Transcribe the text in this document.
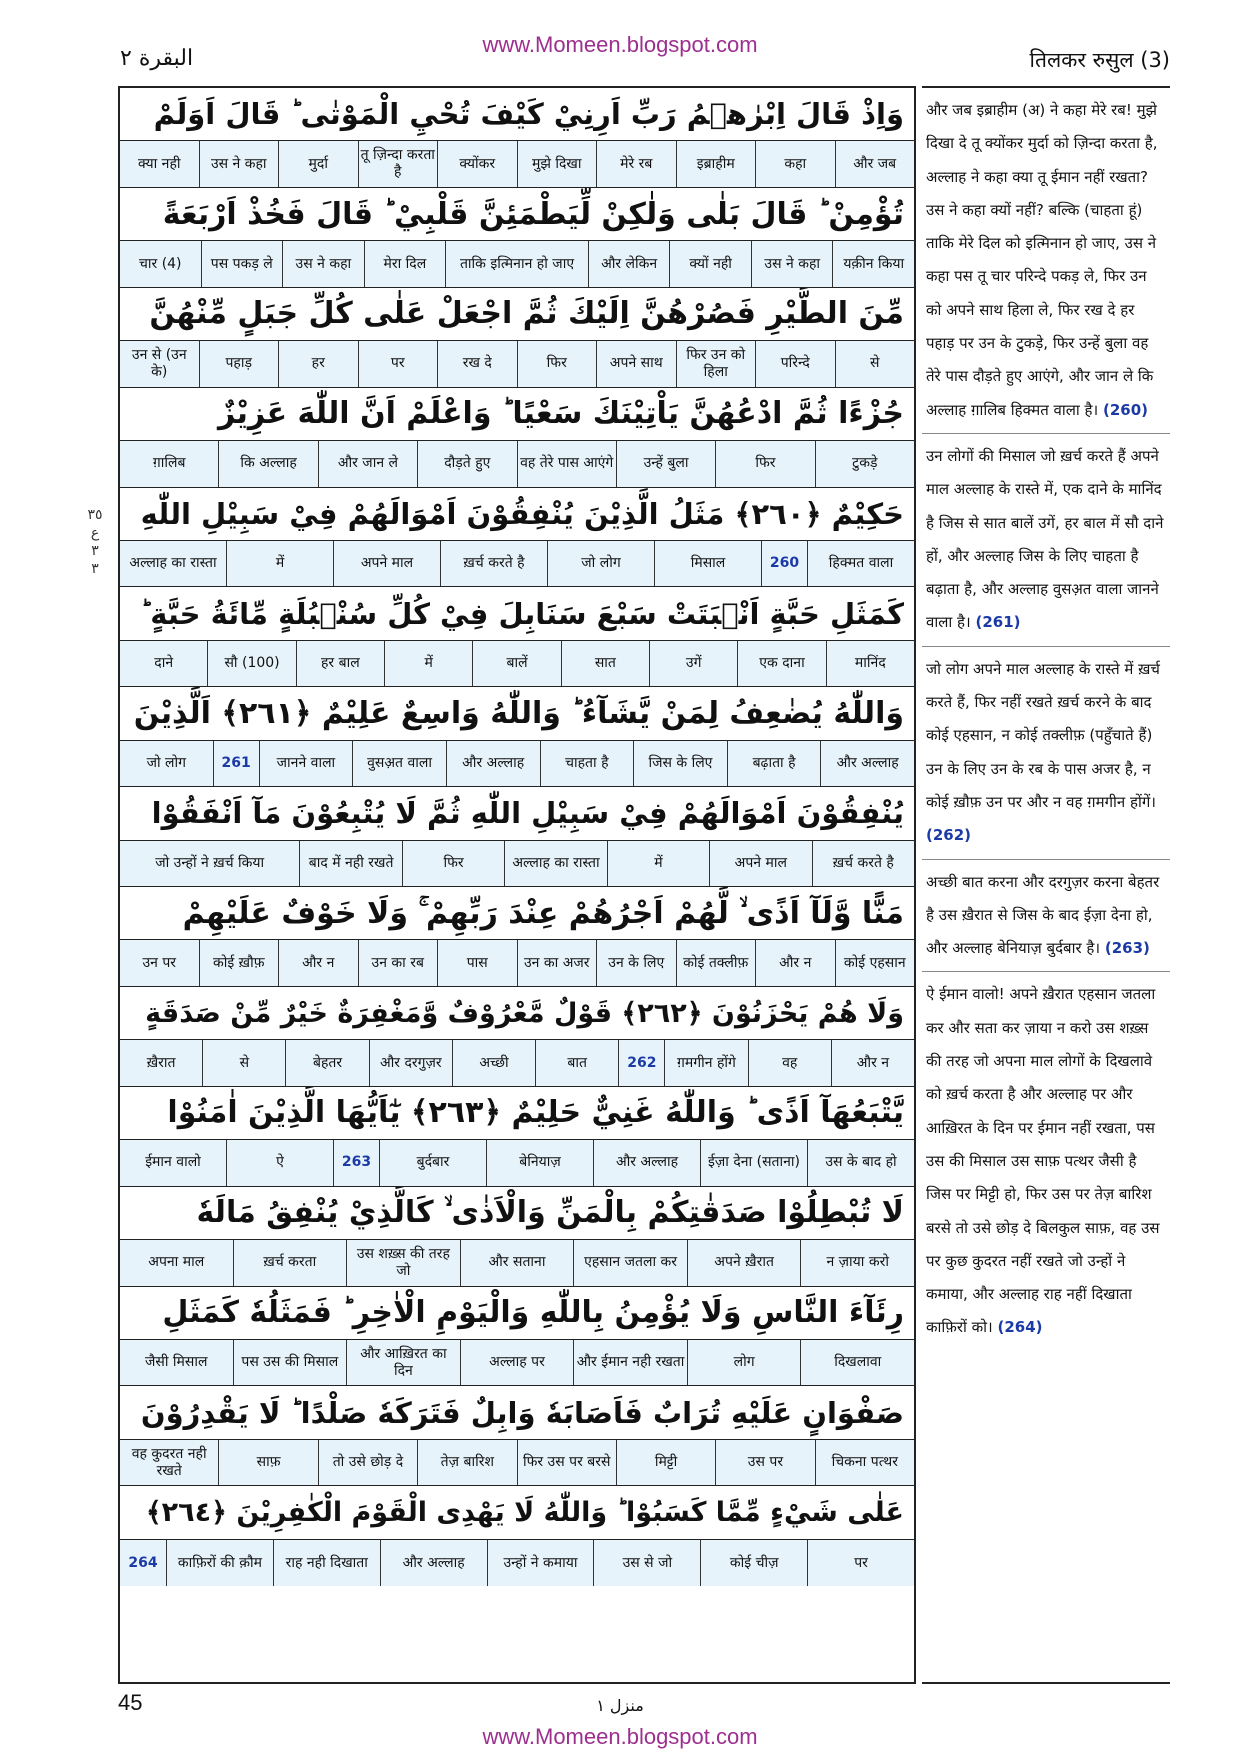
www.Momeen.blogspot.com
البقرة ٢	तिलकर रुसुल (3)
٣٥
ع
٣
٣
وَاِذْ قَالَ اِبْرٰهٖمُ رَبِّ اَرِنِيْ كَيْفَ تُحْيِ الْمَوْتٰى ؕ قَالَ اَوَلَمْ
और जब
कहा
इब्राहीम
मेरे रब
मुझे दिखा
क्योंकर
तू ज़िन्दा करता है
मुर्दा
उस ने कहा
क्या नही
تُؤْمِنْ ؕ قَالَ بَلٰى وَلٰكِنْ لِّيَطْمَئِنَّ قَلْبِيْ ؕ قَالَ فَخُذْ اَرْبَعَةً
यक़ीन किया
उस ने कहा
क्यों नही
और लेकिन
ताकि इत्मिनान हो जाए
मेरा दिल
उस ने कहा
पस पकड़ ले
चार (4)
مِّنَ الطَّيْرِ فَصُرْهُنَّ اِلَيْكَ ثُمَّ اجْعَلْ عَلٰى كُلِّ جَبَلٍ مِّنْهُنَّ
से
परिन्दे
फिर उन को हिला
अपने साथ
फिर
रख दे
पर
हर
पहाड़
उन से (उन के)
جُزْءًا ثُمَّ ادْعُهُنَّ يَاْتِيْنَكَ سَعْيًا ؕ وَاعْلَمْ اَنَّ اللّٰهَ عَزِيْزٌ
टुकड़े
फिर
उन्हें बुला
वह तेरे पास आएंगे
दौड़ते हुए
और जान ले
कि अल्लाह
ग़ालिब
حَكِيْمٌ ﴿٢٦٠﴾ مَثَلُ الَّذِيْنَ يُنْفِقُوْنَ اَمْوَالَهُمْ فِيْ سَبِيْلِ اللّٰهِ
हिक्मत वाला
260
मिसाल
जो लोग
ख़र्च करते है
अपने माल
में
अल्लाह का रास्ता
كَمَثَلِ حَبَّةٍ اَنْۢبَتَتْ سَبْعَ سَنَابِلَ فِيْ كُلِّ سُنْۢبُلَةٍ مِّائَةُ حَبَّةٍ ؕ
मानिंद
एक दाना
उगें
सात
बालें
में
हर बाल
सौ (100)
दाने
وَاللّٰهُ يُضٰعِفُ لِمَنْ يَّشَآءُ ؕ وَاللّٰهُ وَاسِعٌ عَلِيْمٌ ﴿٢٦١﴾ اَلَّذِيْنَ
और अल्लाह
बढ़ाता है
जिस के लिए
चाहता है
और अल्लाह
वुसअ़त वाला
जानने वाला
261
जो लोग
يُنْفِقُوْنَ اَمْوَالَهُمْ فِيْ سَبِيْلِ اللّٰهِ ثُمَّ لَا يُتْبِعُوْنَ مَآ اَنْفَقُوْا
ख़र्च करते है
अपने माल
में
अल्लाह का रास्ता
फिर
बाद में नही रखते
जो उन्हों ने ख़र्च किया
مَنًّا وَّلَآ اَذًى ۙ لَّهُمْ اَجْرُهُمْ عِنْدَ رَبِّهِمْ ۚ وَلَا خَوْفٌ عَلَيْهِمْ
कोई एहसान
और न
कोई तक्लीफ़
उन के लिए
उन का अजर
पास
उन का रब
और न
कोई ख़ौफ़
उन पर
وَلَا هُمْ يَحْزَنُوْنَ ﴿٢٦٢﴾ قَوْلٌ مَّعْرُوْفٌ وَّمَغْفِرَةٌ خَيْرٌ مِّنْ صَدَقَةٍ
और न
वह
ग़मगीन होंगे
262
बात
अच्छी
और दरगुज़र
बेहतर
से
ख़ैरात
يَّتْبَعُهَآ اَذًى ؕ وَاللّٰهُ غَنِيٌّ حَلِيْمٌ ﴿٢٦٣﴾ يٰٓاَيُّهَا الَّذِيْنَ اٰمَنُوْا
उस के बाद हो
ईज़ा देना (सताना)
और अल्लाह
बेनियाज़
बुर्दबार
263
ऐ
ईमान वालो
لَا تُبْطِلُوْا صَدَقٰتِكُمْ بِالْمَنِّ وَالْاَذٰى ۙ كَالَّذِيْ يُنْفِقُ مَالَهٗ
न ज़ाया करो
अपने ख़ैरात
एहसान जतला कर
और सताना
उस शख़्स की तरह जो
ख़र्च करता
अपना माल
رِئَآءَ النَّاسِ وَلَا يُؤْمِنُ بِاللّٰهِ وَالْيَوْمِ الْاٰخِرِ ؕ فَمَثَلُهٗ كَمَثَلِ
दिखलावा
लोग
और ईमान नही रखता
अल्लाह पर
और आख़िरत का दिन
पस उस की मिसाल
जैसी मिसाल
صَفْوَانٍ عَلَيْهِ تُرَابٌ فَاَصَابَهٗ وَابِلٌ فَتَرَكَهٗ صَلْدًا ؕ لَا يَقْدِرُوْنَ
चिकना पत्थर
उस पर
मिट्टी
फिर उस पर बरसे
तेज़ बारिश
तो उसे छोड़ दे
साफ़
वह कुदरत नही रखते
عَلٰى شَيْءٍ مِّمَّا كَسَبُوْا ؕ وَاللّٰهُ لَا يَهْدِى الْقَوْمَ الْكٰفِرِيْنَ ﴿٢٦٤﴾
पर
कोई चीज़
उस से जो
उन्हों ने कमाया
और अल्लाह
राह नही दिखाता
काफ़िरों की क़ौम
264
और जब इब्राहीम (अ) ने कहा मेरे रब! मुझे दिखा दे तू क्योंकर मुर्दा को ज़िन्दा करता है, अल्लाह ने कहा क्या तू ईमान नहीं रखता? उस ने कहा क्यों नहीं? बल्कि (चाहता हूं) ताकि मेरे दिल को इत्मिनान हो जाए, उस ने कहा पस तू चार परिन्दे पकड़ ले, फिर उन को अपने साथ हिला ले, फिर रख दे हर पहाड़ पर उन के टुकड़े, फिर उन्हें बुला वह तेरे पास दौड़ते हुए आएंगे, और जान ले कि अल्लाह ग़ालिब हिक्मत वाला है। (260)
उन लोगों की मिसाल जो ख़र्च करते हैं अपने माल अल्लाह के रास्ते में, एक दाने के मानिंद है जिस से सात बालें उगें, हर बाल में सौ दाने हों, और अल्लाह जिस के लिए चाहता है बढ़ाता है, और अल्लाह वुसअ़त वाला जानने वाला है। (261)
जो लोग अपने माल अल्लाह के रास्ते में ख़र्च करते हैं, फिर नहीं रखते ख़र्च करने के बाद कोई एहसान, न कोई तक्लीफ़ (पहुँचाते हैं) उन के लिए उन के रब के पास अजर है, न कोई ख़ौफ़ उन पर और न वह ग़मगीन होंगें। (262)
अच्छी बात करना और दरगुज़र करना बेहतर है उस ख़ैरात से जिस के बाद ईज़ा देना हो, और अल्लाह बेनियाज़ बुर्दबार है। (263)
ऐ ईमान वालो! अपने ख़ैरात एहसान जतला कर और सता कर ज़ाया न करो उस शख़्स की तरह जो अपना माल लोगों के दिखलावे को ख़र्च करता है और अल्लाह पर और आख़िरत के दिन पर ईमान नहीं रखता, पस उस की मिसाल उस साफ़ पत्थर जैसी है जिस पर मिट्टी हो, फिर उस पर तेज़ बारिश बरसे तो उसे छोड़ दे बिलकुल साफ़, वह उस पर कुछ कुदरत नहीं रखते जो उन्हों ने कमाया, और अल्लाह राह नहीं दिखाता काफ़िरों को। (264)
45	منزل ١
www.Momeen.blogspot.com
